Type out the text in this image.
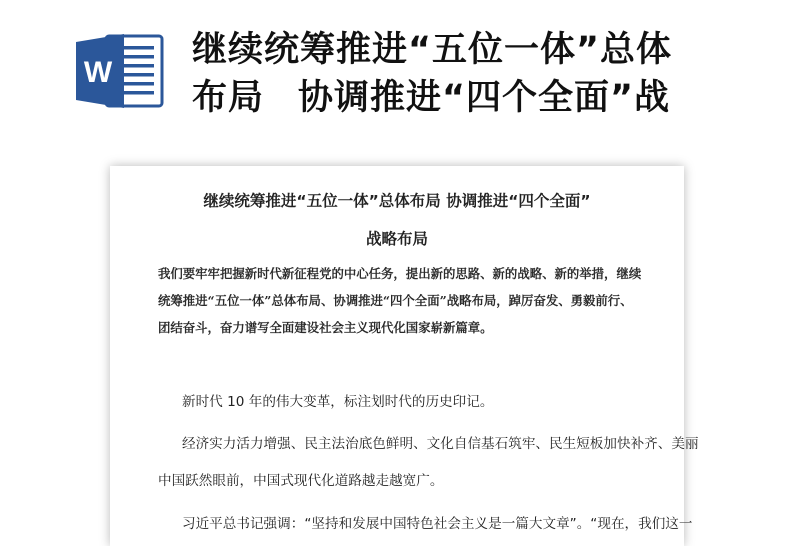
W
继续统筹推进“五位一体”总体
布局 协调推进“四个全面”战
继续统筹推进“五位一体”总体布局 协调推进“四个全面”
战略布局
我们要牢牢把握新时代新征程党的中心任务，提出新的思路、新的战略、新的举措，继续
统筹推进“五位一体”总体布局、协调推进“四个全面”战略布局，踔厉奋发、勇毅前行、
团结奋斗，奋力谱写全面建设社会主义现代化国家崭新篇章。
新时代 10 年的伟大变革，标注划时代的历史印记。
经济实力活力增强、民主法治底色鲜明、文化自信基石筑牢、民生短板加快补齐、美丽
中国跃然眼前，中国式现代化道路越走越宽广。
习近平总书记强调：“坚持和发展中国特色社会主义是一篇大文章”。“现在，我们这一
